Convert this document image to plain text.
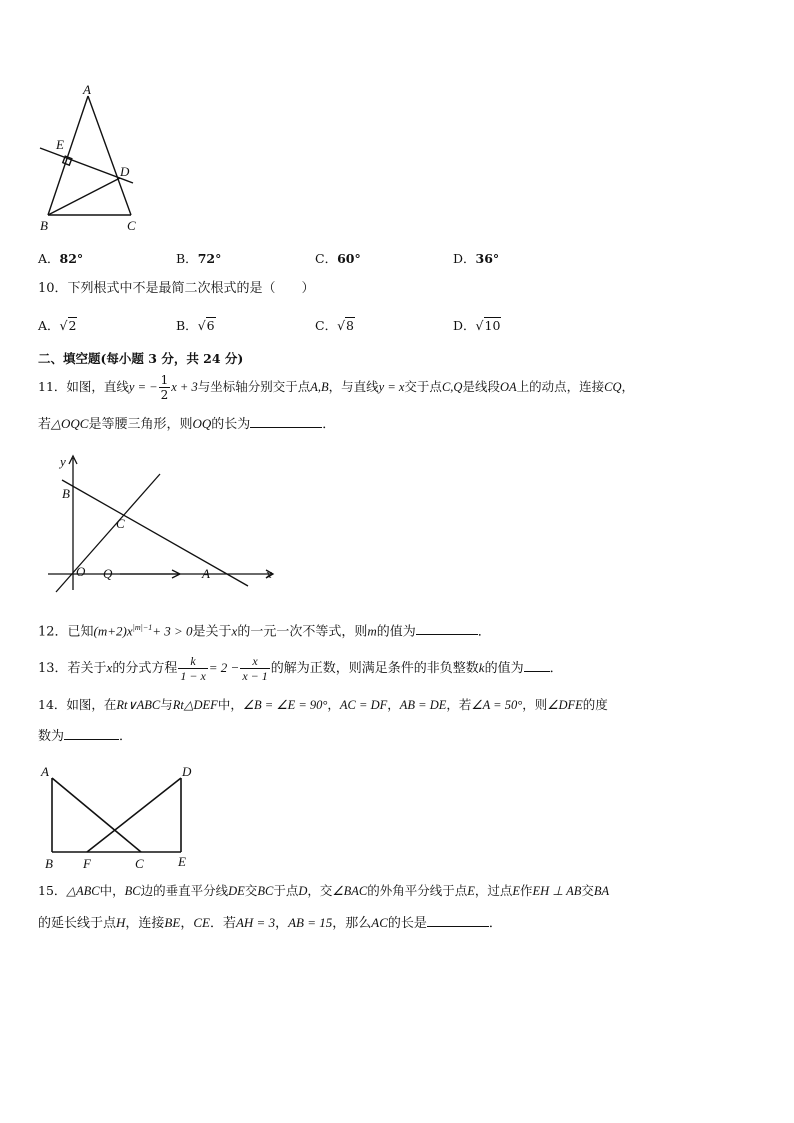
A
E
D
B	C
A．82°	B．72°	C．60°	D．36°
10．下列根式中不是最简二次根式的是（　　）
A．√2	B．√6	C．√8	D．√10
二、填空题(每小题 3 分，共 24 分)
11．如图，直线y = − $\frac{1}{2}$ x + 3与坐标轴分别交于点A,B，与直线y = x交于点C,Q是线段OA上的动点，连接CQ，
若△OQC是等腰三角形，则OQ的长为	．
y
B
C
O Q	A	x
12．已知$(m+2)x^{|m|-1}+ 3 > 0$是关于x的一元一次不等式，则m的值为	．
13．若关于x的分式方程 $\frac{k}{1 - x} = 2 - \frac{x}{x - 1}$ 的解为正数，则满足条件的非负整数k的值为 ．
14．如图，在Rt∨ABC与Rt△DEF中，∠B = ∠E = 90°，AC = DF，AB = DE，若∠A = 50°，则∠DFE的度
数为	．
A	D
B F	C	E
15．△ABC中，BC边的垂直平分线DE交BC于点D，交∠BAC的外角平分线于点E，过点E作EH ⊥ AB交BA
的延长线于点H，连接BE，CE．若AH = 3，AB = 15，那么AC的长是	．
